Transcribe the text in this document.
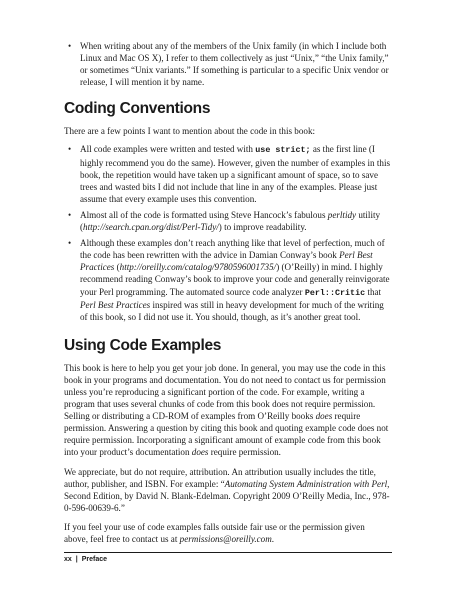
• When writing about any of the members of the Unix family (in which I include both Linux and Mac OS X), I refer to them collectively as just “Unix,” “the Unix family,” or sometimes “Unix variants.” If something is particular to a specific Unix vendor or release, I will mention it by name.
Coding Conventions

There are a few points I want to mention about the code in this book:

• All code examples were written and tested with use strict; as the first line (I highly recommend you do the same). However, given the number of examples in this book, the repetition would have taken up a significant amount of space, so to save trees and wasted bits I did not include that line in any of the examples. Please just assume that every example uses this convention.
• Almost all of the code is formatted using Steve Hancock’s fabulous perltidy utility (http://search.cpan.org/dist/Perl-Tidy/) to improve readability.
• Although these examples don’t reach anything like that level of perfection, much of the code has been rewritten with the advice in Damian Conway’s book Perl Best Practices (http://oreilly.com/catalog/9780596001735/) (O’Reilly) in mind. I highly recommend reading Conway’s book to improve your code and generally reinvigorate your Perl programming. The automated source code analyzer Perl::Critic that Perl Best Practices inspired was still in heavy development for much of the writing of this book, so I did not use it. You should, though, as it’s another great tool.
Using Code Examples

This book is here to help you get your job done. In general, you may use the code in this book in your programs and documentation. You do not need to contact us for permission unless you’re reproducing a significant portion of the code. For example, writing a program that uses several chunks of code from this book does not require permission. Selling or distributing a CD-ROM of examples from O’Reilly books does require permission. Answering a question by citing this book and quoting example code does not require permission. Incorporating a significant amount of example code from this book into your product’s documentation does require permission.

We appreciate, but do not require, attribution. An attribution usually includes the title, author, publisher, and ISBN. For example: “Automating System Administration with Perl, Second Edition, by David N. Blank-Edelman. Copyright 2009 O’Reilly Media, Inc., 978-0-596-00639-6.”

If you feel your use of code examples falls outside fair use or the permission given above, feel free to contact us at permissions@oreilly.com.

xx | Preface
